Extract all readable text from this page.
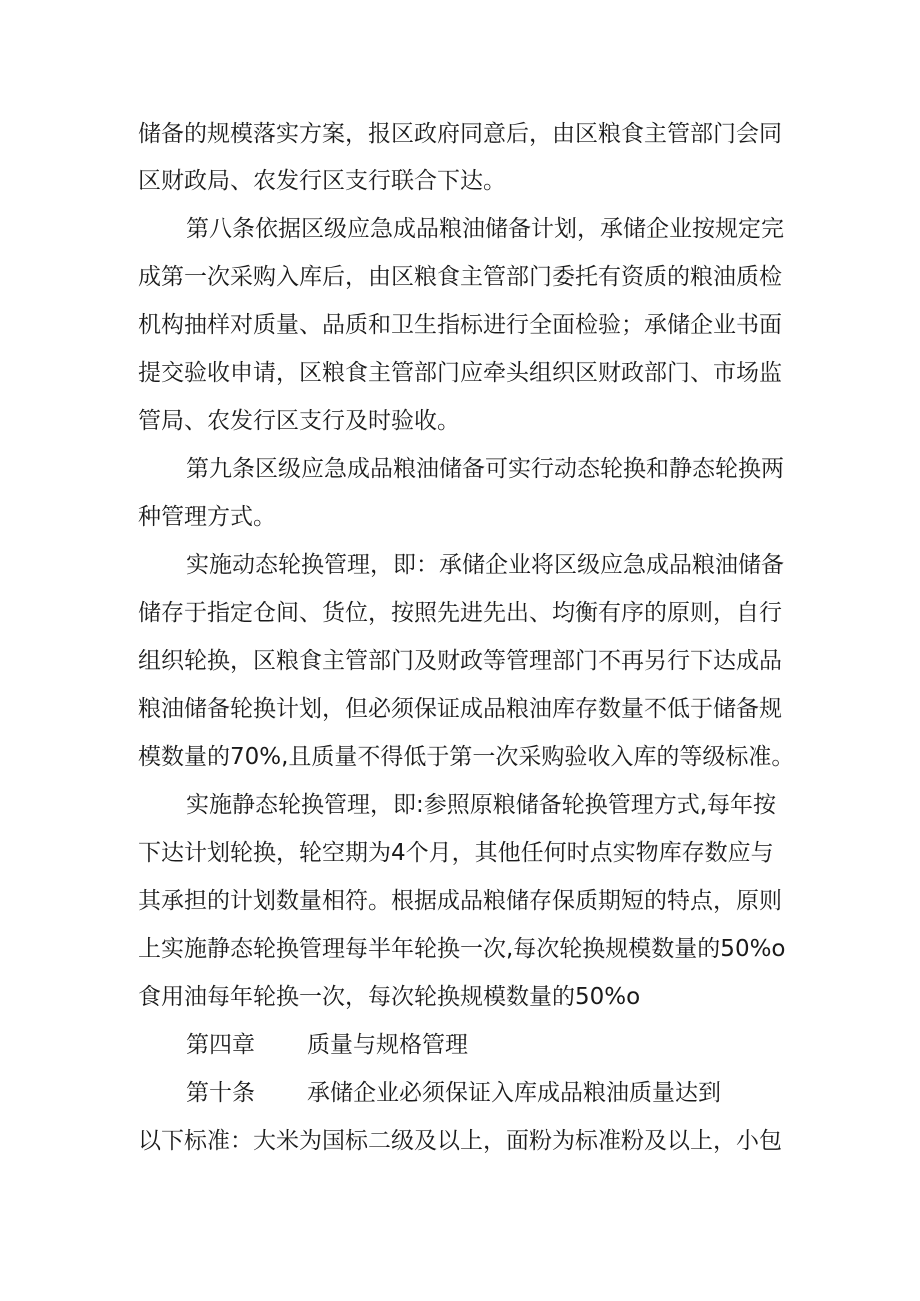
储备的规模落实方案，报区政府同意后，由区粮食主管部门会同
区财政局、农发行区支行联合下达。
第八条依据区级应急成品粮油储备计划，承储企业按规定完
成第一次采购入库后，由区粮食主管部门委托有资质的粮油质检
机构抽样对质量、品质和卫生指标进行全面检验；承储企业书面
提交验收申请，区粮食主管部门应牵头组织区财政部门、市场监
管局、农发行区支行及时验收。
第九条区级应急成品粮油储备可实行动态轮换和静态轮换两
种管理方式。
实施动态轮换管理，即：承储企业将区级应急成品粮油储备
储存于指定仓间、货位，按照先进先出、均衡有序的原则，自行
组织轮换，区粮食主管部门及财政等管理部门不再另行下达成品
粮油储备轮换计划，但必须保证成品粮油库存数量不低于储备规
模数量的70%,且质量不得低于第一次采购验收入库的等级标准。
实施静态轮换管理，即:参照原粮储备轮换管理方式,每年按
下达计划轮换，轮空期为4个月，其他任何时点实物库存数应与
其承担的计划数量相符。根据成品粮储存保质期短的特点，原则
上实施静态轮换管理每半年轮换一次,每次轮换规模数量的50%o
食用油每年轮换一次，每次轮换规模数量的50%o
第四章 质量与规格管理
第十条 承储企业必须保证入库成品粮油质量达到
以下标准：大米为国标二级及以上，面粉为标准粉及以上，小包
